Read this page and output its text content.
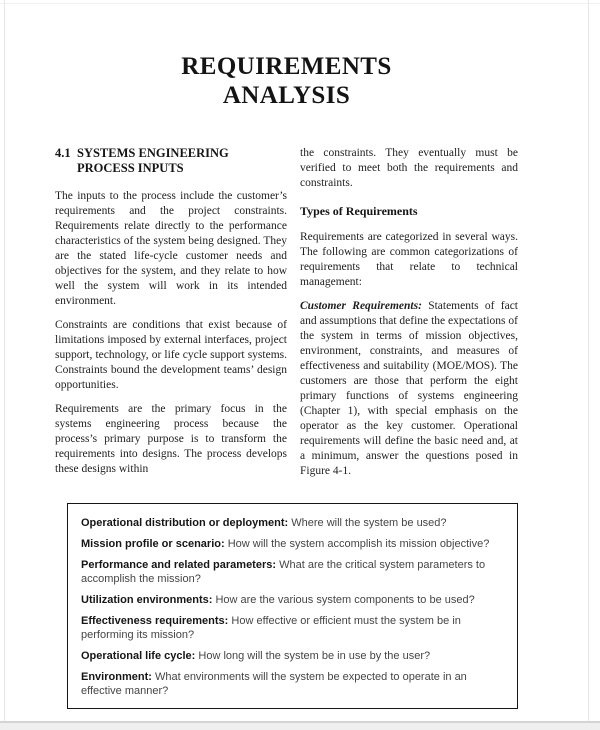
REQUIREMENTS
ANALYSIS
4.1 SYSTEMS ENGINEERING PROCESS INPUTS

The inputs to the process include the customer’s requirements and the project constraints. Requirements relate directly to the performance characteristics of the system being designed. They are the stated life-cycle customer needs and objectives for the system, and they relate to how well the system will work in its intended environment.

Constraints are conditions that exist because of limitations imposed by external interfaces, project support, technology, or life cycle support systems. Constraints bound the development teams’ design opportunities.

Requirements are the primary focus in the systems engineering process because the process’s primary purpose is to transform the requirements into designs. The process develops these designs within

the constraints. They eventually must be verified to meet both the requirements and constraints.

Types of Requirements

Requirements are categorized in several ways. The following are common categorizations of requirements that relate to technical management:

Customer Requirements: Statements of fact and assumptions that define the expectations of the system in terms of mission objectives, environment, constraints, and measures of effectiveness and suitability (MOE/MOS). The customers are those that perform the eight primary functions of systems engineering (Chapter 1), with special emphasis on the operator as the key customer. Operational requirements will define the basic need and, at a minimum, answer the questions posed in Figure 4-1.

Operational distribution or deployment: Where will the system be used?
Mission profile or scenario: How will the system accomplish its mission objective?
Performance and related parameters: What are the critical system parameters to accomplish the mission?
Utilization environments: How are the various system components to be used?
Effectiveness requirements: How effective or efficient must the system be in performing its mission?
Operational life cycle: How long will the system be in use by the user?
Environment: What environments will the system be expected to operate in an effective manner?
